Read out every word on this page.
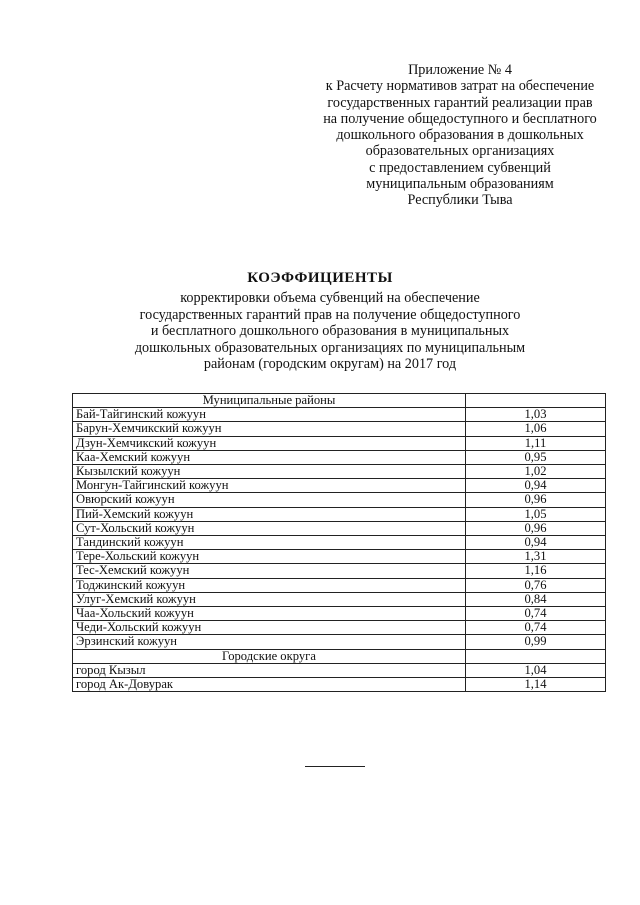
Приложение № 4
к Расчету нормативов затрат на обеспечение
государственных гарантий реализации прав
на получение общедоступного и бесплатного
дошкольного образования в дошкольных
образовательных организациях
с предоставлением субвенций
муниципальным образованиям
Республики Тыва
КОЭФФИЦИЕНТЫ
корректировки объема субвенций на обеспечение
государственных гарантий прав на получение общедоступного
и бесплатного дошкольного образования в муниципальных
дошкольных образовательных организациях по муниципальным
районам (городским округам) на 2017 год
Муниципальные районы	
Бай-Тайгинский кожуун	1,03
Барун-Хемчикский кожуун	1,06
Дзун-Хемчикский кожуун	1,11
Каа-Хемский кожуун	0,95
Кызылский кожуун	1,02
Монгун-Тайгинский кожуун	0,94
Овюрский кожуун	0,96
Пий-Хемский кожуун	1,05
Сут-Хольский кожуун	0,96
Тандинский кожуун	0,94
Тере-Хольский кожуун	1,31
Тес-Хемский кожуун	1,16
Тоджинский кожуун	0,76
Улуг-Хемский кожуун	0,84
Чаа-Хольский кожуун	0,74
Чеди-Хольский кожуун	0,74
Эрзинский кожуун	0,99
Городские округа	
город Кызыл	1,04
город Ак-Довурак	1,14
